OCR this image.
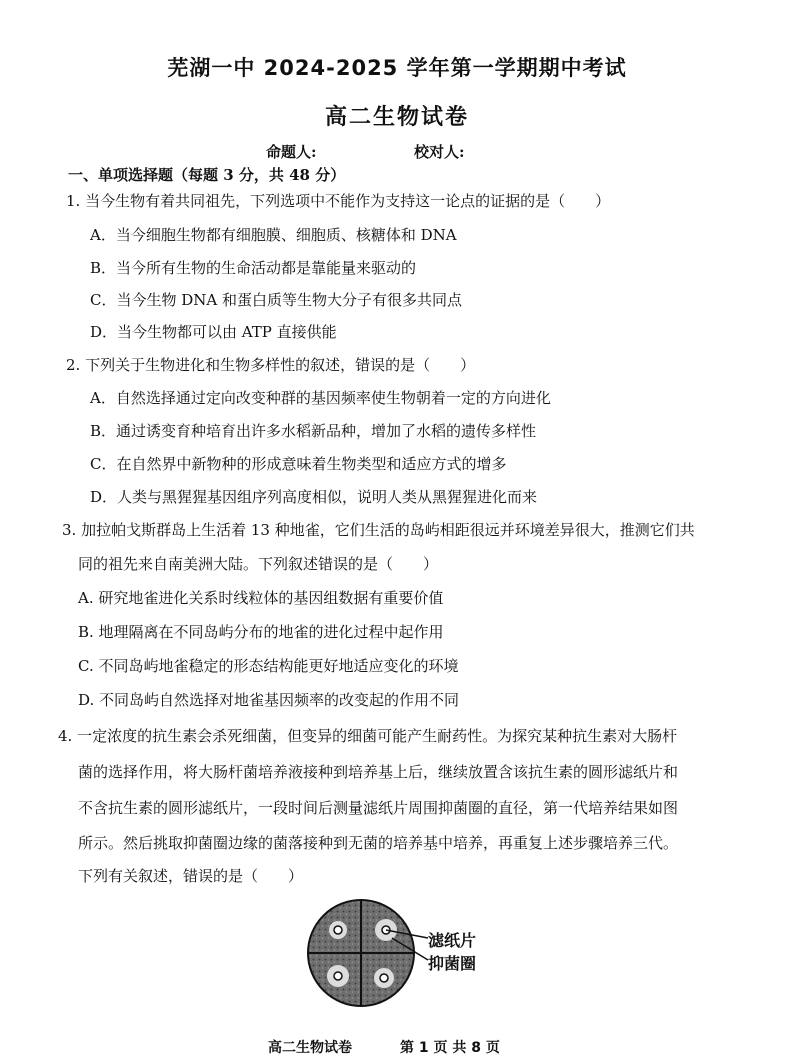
芜湖一中 2024-2025 学年第一学期期中考试
高二生物试卷
命题人:	校对人:
一、单项选择题（每题 3 分，共 48 分）
1. 当今生物有着共同祖先，下列选项中不能作为支持这一论点的证据的是（　　）
A．当今细胞生物都有细胞膜、细胞质、核糖体和 DNA
B．当今所有生物的生命活动都是靠能量来驱动的
C．当今生物 DNA 和蛋白质等生物大分子有很多共同点
D．当今生物都可以由 ATP 直接供能
2. 下列关于生物进化和生物多样性的叙述，错误的是（　　）
A．自然选择通过定向改变种群的基因频率使生物朝着一定的方向进化
B．通过诱变育种培育出许多水稻新品种，增加了水稻的遗传多样性
C．在自然界中新物种的形成意味着生物类型和适应方式的增多
D．人类与黑猩猩基因组序列高度相似，说明人类从黑猩猩进化而来
3. 加拉帕戈斯群岛上生活着 13 种地雀，它们生活的岛屿相距很远并环境差异很大，推测它们共
同的祖先来自南美洲大陆。下列叙述错误的是（　　）
A. 研究地雀进化关系时线粒体的基因组数据有重要价值
B. 地理隔离在不同岛屿分布的地雀的进化过程中起作用
C. 不同岛屿地雀稳定的形态结构能更好地适应变化的环境
D. 不同岛屿自然选择对地雀基因频率的改变起的作用不同
4. 一定浓度的抗生素会杀死细菌，但变异的细菌可能产生耐药性。为探究某种抗生素对大肠杆
菌的选择作用，将大肠杆菌培养液接种到培养基上后，继续放置含该抗生素的圆形滤纸片和
不含抗生素的圆形滤纸片，一段时间后测量滤纸片周围抑菌圈的直径，第一代培养结果如图
所示。然后挑取抑菌圈边缘的菌落接种到无菌的培养基中培养，再重复上述步骤培养三代。
下列有关叙述，错误的是（　　）
滤纸片
抑菌圈
高二生物试卷	第 1 页 共 8 页
